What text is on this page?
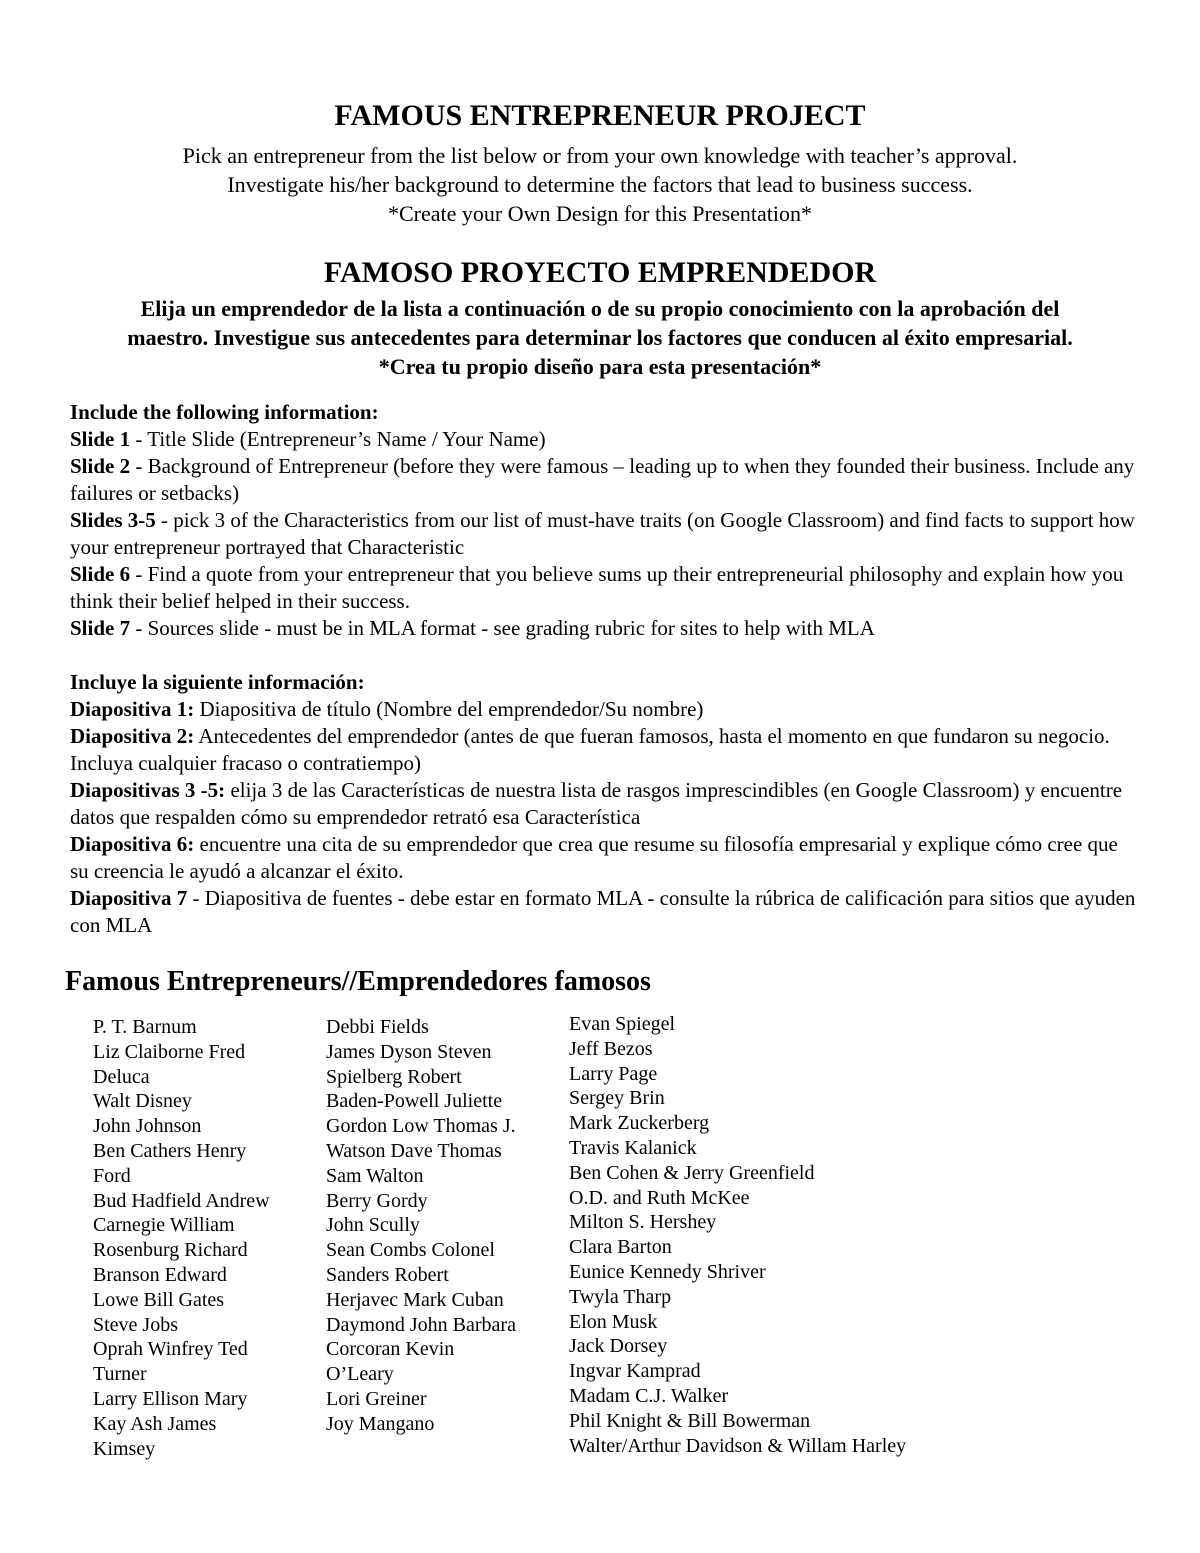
FAMOUS ENTREPRENEUR PROJECT
Pick an entrepreneur from the list below or from your own knowledge with teacher’s approval.
Investigate his/her background to determine the factors that lead to business success.
*Create your Own Design for this Presentation*
FAMOSO PROYECTO EMPRENDEDOR
Elija un emprendedor de la lista a continuación o de su propio conocimiento con la aprobación del
maestro. Investigue sus antecedentes para determinar los factores que conducen al éxito empresarial.
*Crea tu propio diseño para esta presentación*
Include the following information:
Slide 1 - Title Slide (Entrepreneur’s Name / Your Name)
Slide 2 - Background of Entrepreneur (before they were famous – leading up to when they founded their business. Include any failures or setbacks)
Slides 3-5 - pick 3 of the Characteristics from our list of must-have traits (on Google Classroom) and find facts to support how your entrepreneur portrayed that Characteristic
Slide 6 - Find a quote from your entrepreneur that you believe sums up their entrepreneurial philosophy and explain how you think their belief helped in their success.
Slide 7 - Sources slide - must be in MLA format - see grading rubric for sites to help with MLA
Incluye la siguiente información:
Diapositiva 1: Diapositiva de título (Nombre del emprendedor/Su nombre)
Diapositiva 2: Antecedentes del emprendedor (antes de que fueran famosos, hasta el momento en que fundaron su negocio. Incluya cualquier fracaso o contratiempo)
Diapositivas 3 -5: elija 3 de las Características de nuestra lista de rasgos imprescindibles (en Google Classroom) y encuentre datos que respalden cómo su emprendedor retrató esa Característica
Diapositiva 6: encuentre una cita de su emprendedor que crea que resume su filosofía empresarial y explique cómo cree que su creencia le ayudó a alcanzar el éxito.
Diapositiva 7 - Diapositiva de fuentes - debe estar en formato MLA - consulte la rúbrica de calificación para sitios que ayuden con MLA
Famous Entrepreneurs//Emprendedores famosos
P. T. Barnum
Liz Claiborne Fred
Deluca
Walt Disney
John Johnson
Ben Cathers Henry
Ford
Bud Hadfield Andrew
Carnegie William
Rosenburg Richard
Branson Edward
Lowe Bill Gates
Steve Jobs
Oprah Winfrey Ted
Turner
Larry Ellison Mary
Kay Ash James
Kimsey
Debbi Fields
James Dyson Steven
Spielberg Robert
Baden-Powell Juliette
Gordon Low Thomas J.
Watson Dave Thomas
Sam Walton
Berry Gordy
John Scully
Sean Combs Colonel
Sanders Robert
Herjavec Mark Cuban
Daymond John Barbara
Corcoran Kevin
O’Leary
Lori Greiner
Joy Mangano
Evan Spiegel
Jeff Bezos
Larry Page
Sergey Brin
Mark Zuckerberg
Travis Kalanick
Ben Cohen & Jerry Greenfield
O.D. and Ruth McKee
Milton S. Hershey
Clara Barton
Eunice Kennedy Shriver
Twyla Tharp
Elon Musk
Jack Dorsey
Ingvar Kamprad
Madam C.J. Walker
Phil Knight & Bill Bowerman
Walter/Arthur Davidson & Willam Harley
